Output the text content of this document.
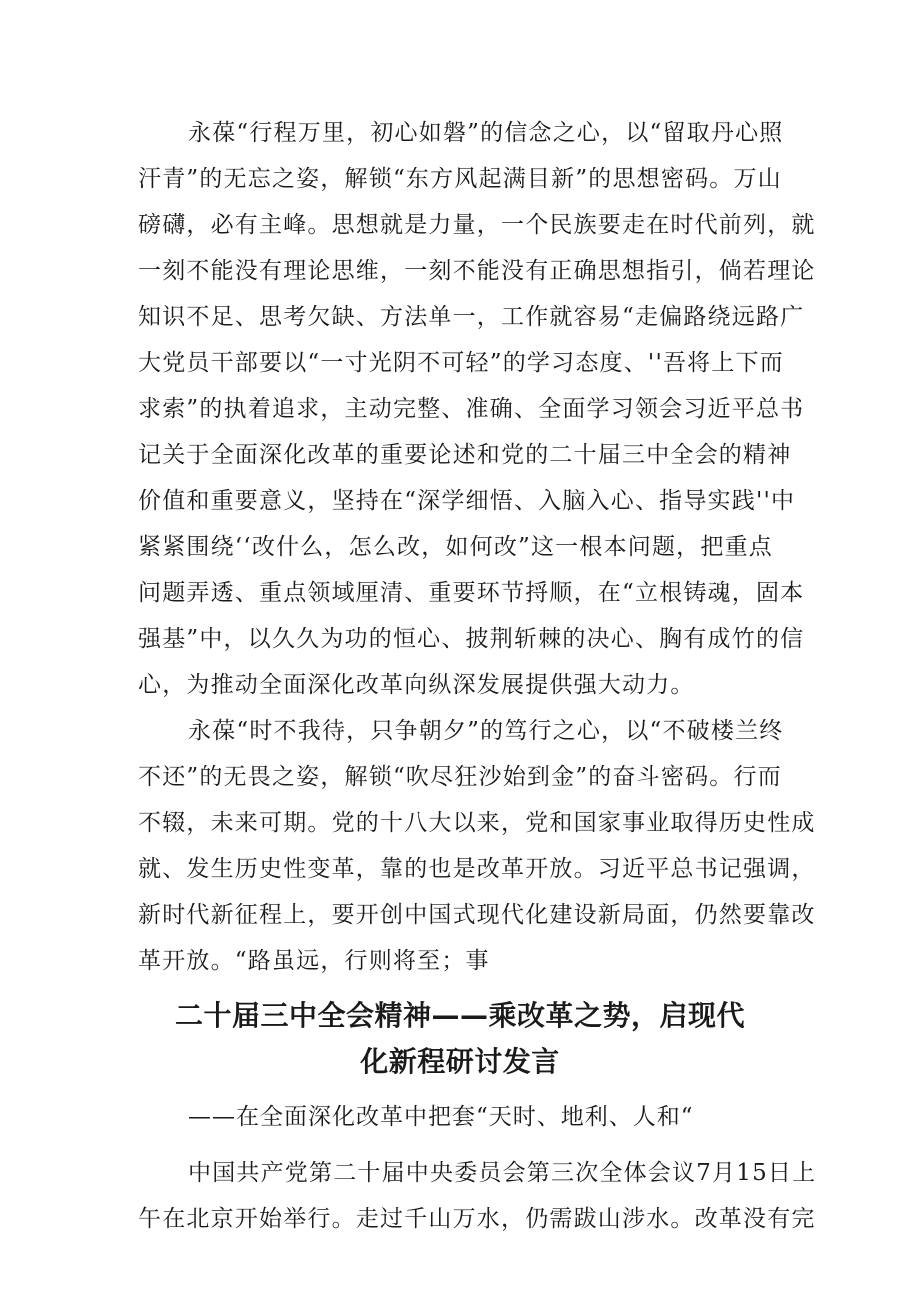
永葆“行程万里，初心如磐”的信念之心，以“留取丹心照
汗青”的无忘之姿，解锁“东方风起满目新”的思想密码。万山
磅礴，必有主峰。思想就是力量，一个民族要走在时代前列，就
一刻不能没有理论思维，一刻不能没有正确思想指引，倘若理论
知识不足、思考欠缺、方法单一，工作就容易“走偏路绕远路广
大党员干部要以“一寸光阴不可轻”的学习态度、''吾将上下而
求索”的执着追求，主动完整、准确、全面学习领会习近平总书
记关于全面深化改革的重要论述和党的二十届三中全会的精神
价值和重要意义，坚持在“深学细悟、入脑入心、指导实践''中
紧紧围绕‘‘改什么，怎么改，如何改”这一根本问题，把重点
问题弄透、重点领域厘清、重要环节捋顺，在“立根铸魂，固本
强基”中，以久久为功的恒心、披荆斩棘的决心、胸有成竹的信
心，为推动全面深化改革向纵深发展提供强大动力。
永葆“时不我待，只争朝夕”的笃行之心，以“不破楼兰终
不还”的无畏之姿，解锁“吹尽狂沙始到金”的奋斗密码。行而
不辍，未来可期。党的十八大以来，党和国家事业取得历史性成
就、发生历史性变革，靠的也是改革开放。习近平总书记强调，
新时代新征程上，要开创中国式现代化建设新局面，仍然要靠改
革开放。“路虽远，行则将至；事
二十届三中全会精神——乘改革之势，启现代
化新程研讨发言
——在全面深化改革中把套“天时、地利、人和“
中国共产党第二十届中央委员会第三次全体会议7月15日上
午在北京开始举行。走过千山万水，仍需跋山涉水。改革没有完
